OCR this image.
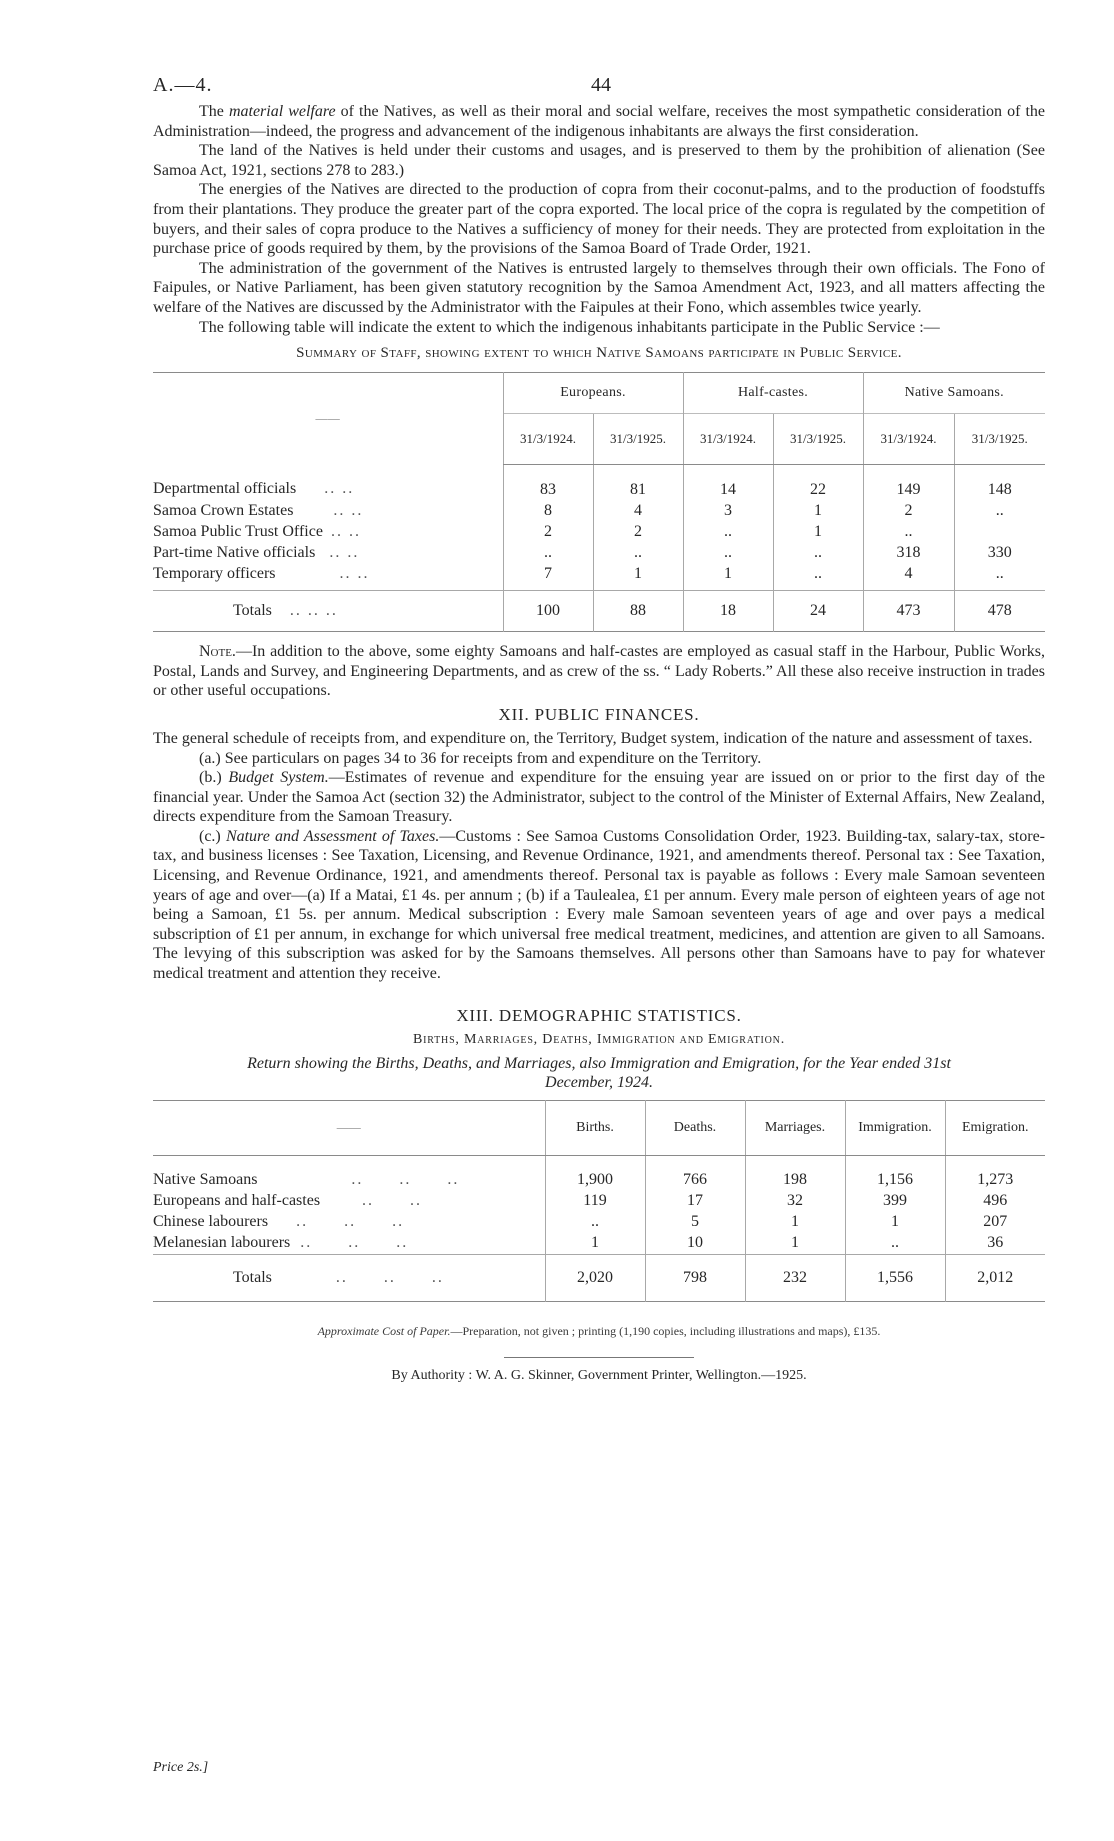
A.—4.	44

The material welfare of the Natives, as well as their moral and social welfare, receives the most sympathetic consideration of the Administration—indeed, the progress and advancement of the indigenous inhabitants are always the first consideration.

The land of the Natives is held under their customs and usages, and is preserved to them by the prohibition of alienation (See Samoa Act, 1921, sections 278 to 283.)

The energies of the Natives are directed to the production of copra from their coconut-palms, and to the production of foodstuffs from their plantations. They produce the greater part of the copra exported. The local price of the copra is regulated by the competition of buyers, and their sales of copra produce to the Natives a sufficiency of money for their needs. They are protected from exploitation in the purchase price of goods required by them, by the provisions of the Samoa Board of Trade Order, 1921.

The administration of the government of the Natives is entrusted largely to themselves through their own officials. The Fono of Faipules, or Native Parliament, has been given statutory recognition by the Samoa Amendment Act, 1923, and all matters affecting the welfare of the Natives are discussed by the Administrator with the Faipules at their Fono, which assembles twice yearly.

The following table will indicate the extent to which the indigenous inhabitants participate in the Public Service :—

Summary of Staff, showing extent to which Native Samoans participate in Public Service.
——	Europeans.		Half-castes.		Native Samoans.	
	31/3/1924.	31/3/1925.	31/3/1924.	31/3/1925.	31/3/1924.	31/3/1925.
Departmental officials .. ..	83	81	14	22	149	148
Samoa Crown Estates .. ..	8	4	3	1	2	..
Samoa Public Trust Office .. ..	2	2	..	1	..	
Part-time Native officials .. ..	..	..	..	..	318	330
Temporary officers .. ..	7	1	1	..	4	..

Totals .. .. ..	100	88	18	24	473	478

Note.—In addition to the above, some eighty Samoans and half-castes are employed as casual staff in the Harbour, Public Works, Postal, Lands and Survey, and Engineering Departments, and as crew of the ss. “ Lady Roberts.” All these also receive instruction in trades or other useful occupations.

XII. PUBLIC FINANCES.

The general schedule of receipts from, and expenditure on, the Territory, Budget system, indication of the nature and assessment of taxes.

(a.) See particulars on pages 34 to 36 for receipts from and expenditure on the Territory.

(b.) Budget System.—Estimates of revenue and expenditure for the ensuing year are issued on or prior to the first day of the financial year. Under the Samoa Act (section 32) the Administrator, subject to the control of the Minister of External Affairs, New Zealand, directs expenditure from the Samoan Treasury.

(c.) Nature and Assessment of Taxes.—Customs : See Samoa Customs Consolidation Order, 1923. Building-tax, salary-tax, store-tax, and business licenses : See Taxation, Licensing, and Revenue Ordinance, 1921, and amendments thereof. Personal tax : See Taxation, Licensing, and Revenue Ordinance, 1921, and amendments thereof. Personal tax is payable as follows : Every male Samoan seventeen years of age and over—(a) If a Matai, £1 4s. per annum ; (b) if a Taulealea, £1 per annum. Every male person of eighteen years of age not being a Samoan, £1 5s. per annum. Medical subscription : Every male Samoan seventeen years of age and over pays a medical subscription of £1 per annum, in exchange for which universal free medical treatment, medicines, and attention are given to all Samoans. The levying of this subscription was asked for by the Samoans themselves. All persons other than Samoans have to pay for whatever medical treatment and attention they receive.

XIII. DEMOGRAPHIC STATISTICS.
Births, Marriages, Deaths, Immigration and Emigration.
Return showing the Births, Deaths, and Marriages, also Immigration and Emigration, for the Year ended 31st December, 1924.
——	Births.	Deaths.	Marriages.	Immigration.	Emigration.
Native Samoans .. .. ..	1,900	766	198	1,156	1,273
Europeans and half-castes .. ..	119	17	32	399	496
Chinese labourers .. .. ..	..	5	1	1	207
Melanesian labourers .. .. ..	1	10	1	..	36
Totals .. .. ..	2,020	798	232	1,556	2,012
Approximate Cost of Paper.—Preparation, not given ; printing (1,190 copies, including illustrations and maps), £135.
By Authority : W. A. G. Skinner, Government Printer, Wellington.—1925.
Price 2s.]
